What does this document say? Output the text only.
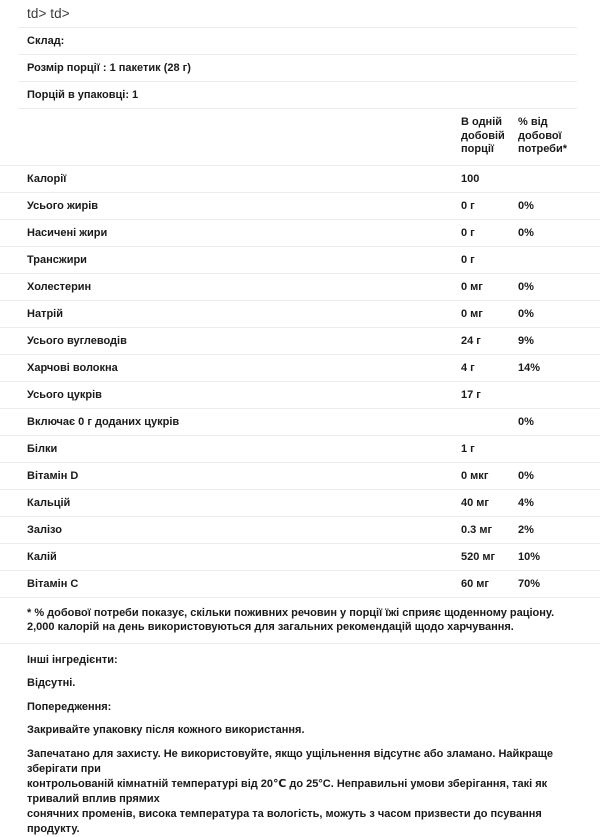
td> td>
Склад:
Розмір порції : 1 пакетик (28 г)
Порцій в упаковці: 1
	В одній добовій порції	% від добової потреби*
Калорії	100	
Усього жирів	0 г	0%
Насичені жири	0 г	0%
Трансжири	0 г	
Холестерин	0 мг	0%
Натрій	0 мг	0%
Усього вуглеводів	24 г	9%
Харчові волокна	4 г	14%
Усього цукрів	17 г	
Включає 0 г доданих цукрів		0%
Білки	1 г	
Вітамін D	0 мкг	0%
Кальцій	40 мг	4%
Залізо	0.3 мг	2%
Калій	520 мг	10%
Вітамін C	60 мг	70%
* % добової потреби показує, скільки поживних речовин у порції їжі сприяє щоденному раціону.
2,000 калорій на день використовуються для загальних рекомендацій щодо харчування.
Інші інгредієнти:
Відсутні.
Попередження:

Закривайте упаковку після кожного використання.

Запечатано для захисту. Не використовуйте, якщо ущільнення відсутнє або зламано. Найкраще зберігати при
контрольованій кімнатній температурі від 20℃ до 25°C. Неправильні умови зберігання, такі як тривалий вплив прямих
сонячних променів, висока температура та вологість, можуть з часом призвести до псування продукту.
